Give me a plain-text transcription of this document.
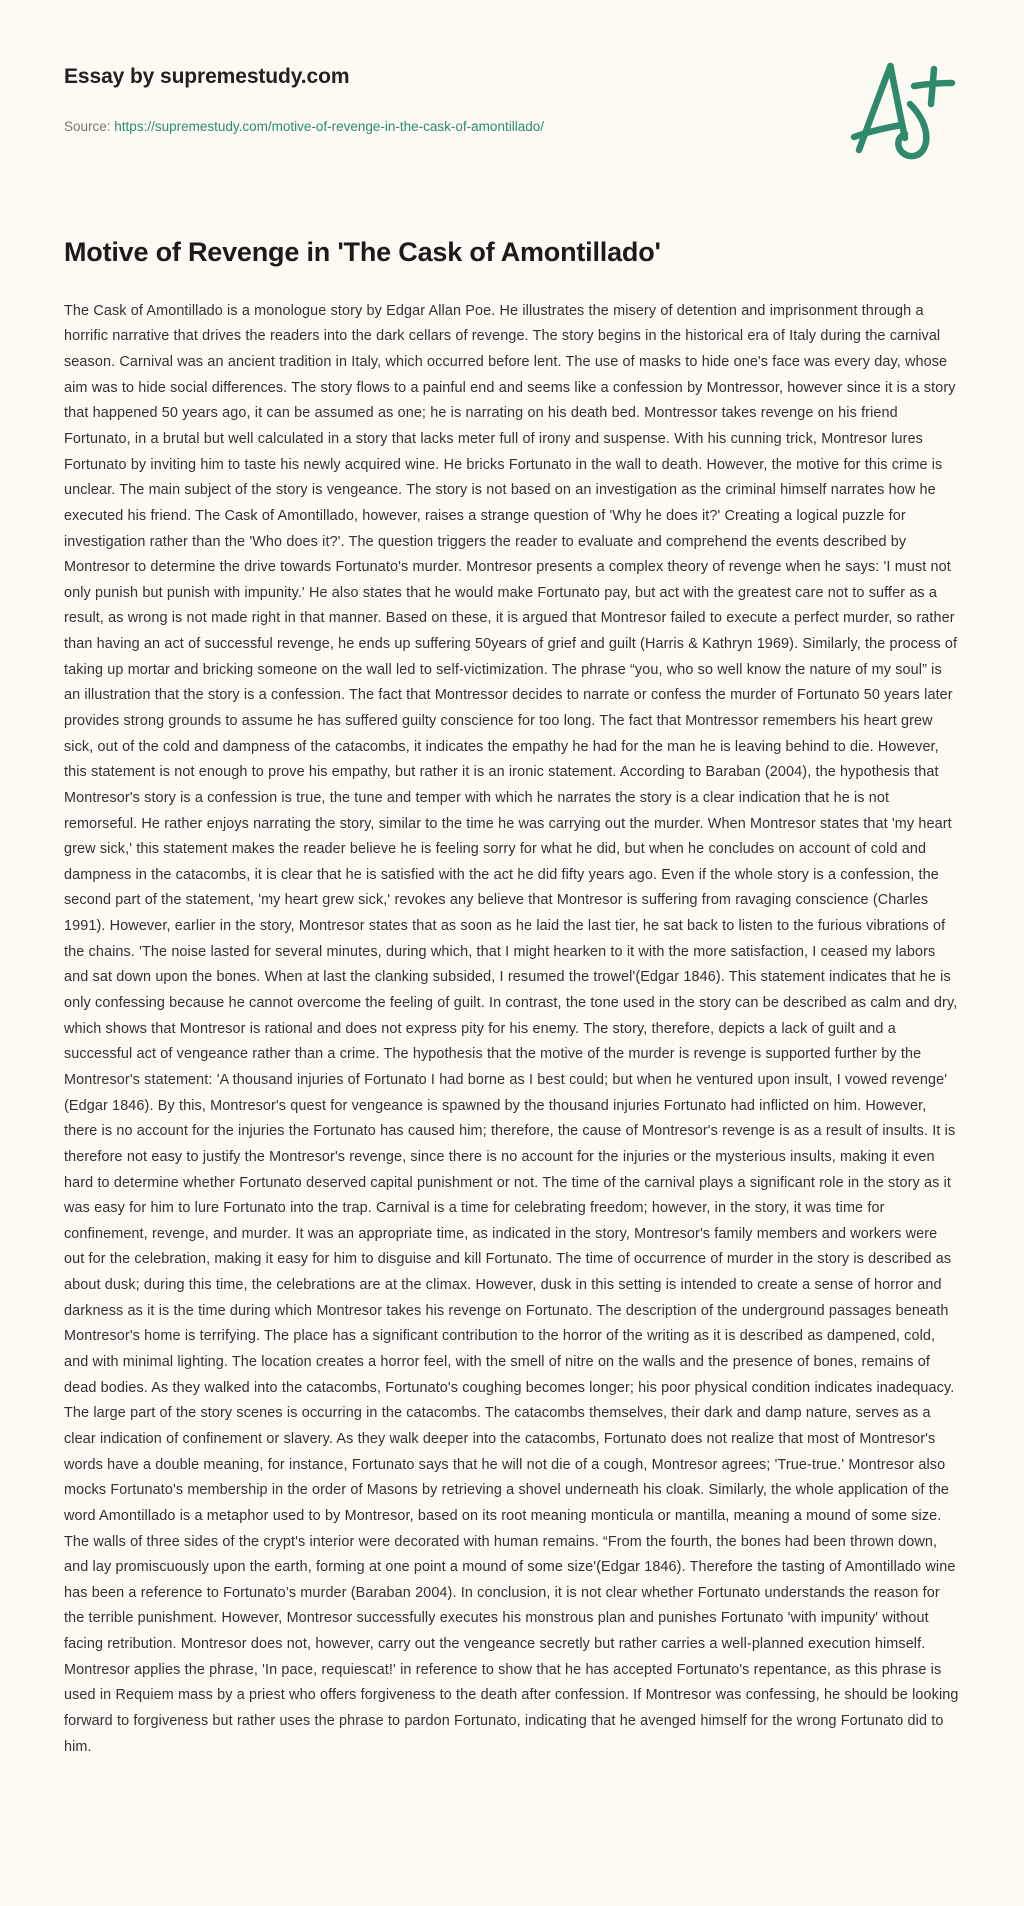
Essay by supremestudy.com
Source: https://supremestudy.com/motive-of-revenge-in-the-cask-of-amontillado/
Motive of Revenge in 'The Cask of Amontillado'

The Cask of Amontillado is a monologue story by Edgar Allan Poe. He illustrates the misery of detention and imprisonment through a horrific narrative that drives the readers into the dark cellars of revenge. The story begins in the historical era of Italy during the carnival season. Carnival was an ancient tradition in Italy, which occurred before lent. The use of masks to hide one's face was every day, whose aim was to hide social differences. The story flows to a painful end and seems like a confession by Montressor, however since it is a story that happened 50 years ago, it can be assumed as one; he is narrating on his death bed. Montressor takes revenge on his friend Fortunato, in a brutal but well calculated in a story that lacks meter full of irony and suspense. With his cunning trick, Montresor lures Fortunato by inviting him to taste his newly acquired wine. He bricks Fortunato in the wall to death. However, the motive for this crime is unclear. The main subject of the story is vengeance. The story is not based on an investigation as the criminal himself narrates how he executed his friend. The Cask of Amontillado, however, raises a strange question of 'Why he does it?' Creating a logical puzzle for investigation rather than the 'Who does it?'. The question triggers the reader to evaluate and comprehend the events described by Montresor to determine the drive towards Fortunato's murder. Montresor presents a complex theory of revenge when he says: 'I must not only punish but punish with impunity.' He also states that he would make Fortunato pay, but act with the greatest care not to suffer as a result, as wrong is not made right in that manner. Based on these, it is argued that Montresor failed to execute a perfect murder, so rather than having an act of successful revenge, he ends up suffering 50years of grief and guilt (Harris & Kathryn 1969). Similarly, the process of taking up mortar and bricking someone on the wall led to self-victimization. The phrase “you, who so well know the nature of my soul” is an illustration that the story is a confession. The fact that Montressor decides to narrate or confess the murder of Fortunato 50 years later provides strong grounds to assume he has suffered guilty conscience for too long. The fact that Montressor remembers his heart grew sick, out of the cold and dampness of the catacombs, it indicates the empathy he had for the man he is leaving behind to die. However, this statement is not enough to prove his empathy, but rather it is an ironic statement. According to Baraban (2004), the hypothesis that Montresor's story is a confession is true, the tune and temper with which he narrates the story is a clear indication that he is not remorseful. He rather enjoys narrating the story, similar to the time he was carrying out the murder. When Montresor states that 'my heart grew sick,' this statement makes the reader believe he is feeling sorry for what he did, but when he concludes on account of cold and dampness in the catacombs, it is clear that he is satisfied with the act he did fifty years ago. Even if the whole story is a confession, the second part of the statement, 'my heart grew sick,' revokes any believe that Montresor is suffering from ravaging conscience (Charles 1991). However, earlier in the story, Montresor states that as soon as he laid the last tier, he sat back to listen to the furious vibrations of the chains. 'The noise lasted for several minutes, during which, that I might hearken to it with the more satisfaction, I ceased my labors and sat down upon the bones. When at last the clanking subsided, I resumed the trowel'(Edgar 1846). This statement indicates that he is only confessing because he cannot overcome the feeling of guilt. In contrast, the tone used in the story can be described as calm and dry, which shows that Montresor is rational and does not express pity for his enemy. The story, therefore, depicts a lack of guilt and a successful act of vengeance rather than a crime. The hypothesis that the motive of the murder is revenge is supported further by the Montresor's statement: 'A thousand injuries of Fortunato I had borne as I best could; but when he ventured upon insult, I vowed revenge' (Edgar 1846). By this, Montresor's quest for vengeance is spawned by the thousand injuries Fortunato had inflicted on him. However, there is no account for the injuries the Fortunato has caused him; therefore, the cause of Montresor's revenge is as a result of insults. It is therefore not easy to justify the Montresor's revenge, since there is no account for the injuries or the mysterious insults, making it even hard to determine whether Fortunato deserved capital punishment or not. The time of the carnival plays a significant role in the story as it was easy for him to lure Fortunato into the trap. Carnival is a time for celebrating freedom; however, in the story, it was time for confinement, revenge, and murder. It was an appropriate time, as indicated in the story, Montresor's family members and workers were out for the celebration, making it easy for him to disguise and kill Fortunato. The time of occurrence of murder in the story is described as about dusk; during this time, the celebrations are at the climax. However, dusk in this setting is intended to create a sense of horror and darkness as it is the time during which Montresor takes his revenge on Fortunato. The description of the underground passages beneath Montresor's home is terrifying. The place has a significant contribution to the horror of the writing as it is described as dampened, cold, and with minimal lighting. The location creates a horror feel, with the smell of nitre on the walls and the presence of bones, remains of dead bodies. As they walked into the catacombs, Fortunato's coughing becomes longer; his poor physical condition indicates inadequacy. The large part of the story scenes is occurring in the catacombs. The catacombs themselves, their dark and damp nature, serves as a clear indication of confinement or slavery. As they walk deeper into the catacombs, Fortunato does not realize that most of Montresor's words have a double meaning, for instance, Fortunato says that he will not die of a cough, Montresor agrees; 'True-true.' Montresor also mocks Fortunato's membership in the order of Masons by retrieving a shovel underneath his cloak. Similarly, the whole application of the word Amontillado is a metaphor used to by Montresor, based on its root meaning monticula or mantilla, meaning a mound of some size. The walls of three sides of the crypt's interior were decorated with human remains. “From the fourth, the bones had been thrown down, and lay promiscuously upon the earth, forming at one point a mound of some size'(Edgar 1846). Therefore the tasting of Amontillado wine has been a reference to Fortunato’s murder (Baraban 2004). In conclusion, it is not clear whether Fortunato understands the reason for the terrible punishment. However, Montresor successfully executes his monstrous plan and punishes Fortunato 'with impunity' without facing retribution. Montresor does not, however, carry out the vengeance secretly but rather carries a well-planned execution himself. Montresor applies the phrase, 'In pace, requiescat!' in reference to show that he has accepted Fortunato's repentance, as this phrase is used in Requiem mass by a priest who offers forgiveness to the death after confession. If Montresor was confessing, he should be looking forward to forgiveness but rather uses the phrase to pardon Fortunato, indicating that he avenged himself for the wrong Fortunato did to him.
